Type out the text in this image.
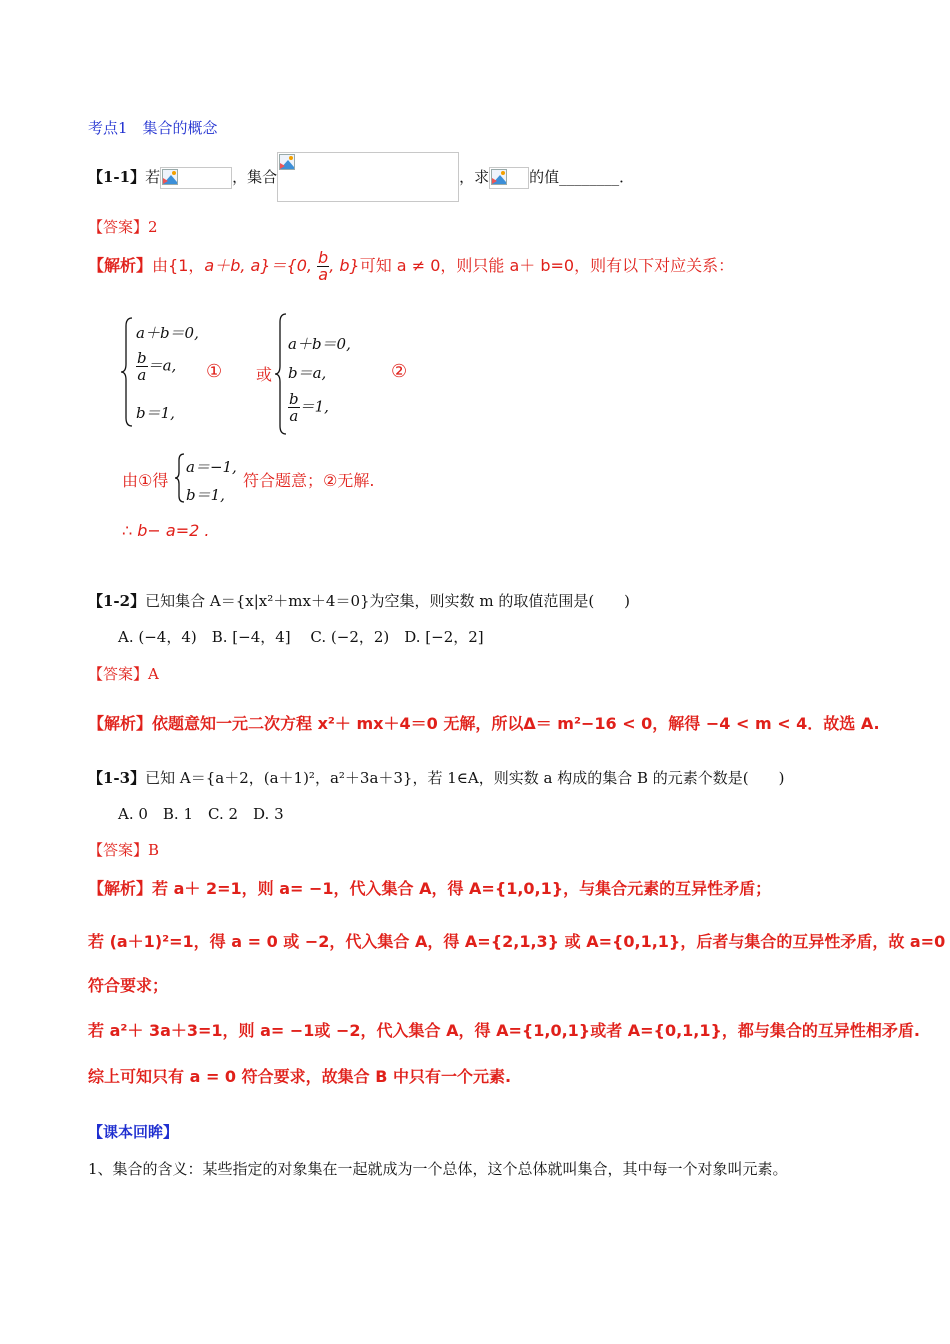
考点1　集合的概念
【1-1】若	，集合	，求	的值________．
【答案】2
【解析】由{1，a＋b, a}＝{0, $\frac{b}{a}$ , b}可知 a ≠ 0，则只能 a＋ b=0，则有以下对应关系：
a＋b＝0,
$\frac{b}{a} =a$,
b＝1,
① 或
a＋b＝0,
b＝a,
$\frac{b}{a} =1$,
②
由①得
a＝−1,
b＝1,
符合题意；②无解.
∴ b− a=2 .
【1-2】已知集合 A＝{x|x²＋mx＋4＝0}为空集，则实数 m 的取值范围是(　　)
A. (−4，4)　B. [−4，4]　 C. (−2，2)　D. [−2，2]
【答案】A
【解析】依题意知一元二次方程 x²＋ mx＋4＝0 无解，所以Δ＝ m²−16 < 0，解得 −4 < m < 4．故选 A.
【1-3】已知 A＝{a＋2，(a＋1)²，a²＋3a＋3}，若 1∈A，则实数 a 构成的集合 B 的元素个数是(　　)
A. 0　B. 1　C. 2　D. 3
【答案】B
【解析】若 a＋ 2=1，则 a= −1，代入集合 A，得 A={1,0,1}，与集合元素的互异性矛盾；
若 (a＋1)²=1，得 a = 0 或 −2，代入集合 A，得 A={2,1,3} 或 A={0,1,1}，后者与集合的互异性矛盾，故 a=0
符合要求；
若 a²＋ 3a＋3=1，则 a= −1或 −2，代入集合 A，得 A={1,0,1}或者 A={0,1,1}，都与集合的互异性相矛盾.
综上可知只有 a = 0 符合要求，故集合 B 中只有一个元素.
【课本回眸】
1、集合的含义：某些指定的对象集在一起就成为一个总体，这个总体就叫集合，其中每一个对象叫元素。
